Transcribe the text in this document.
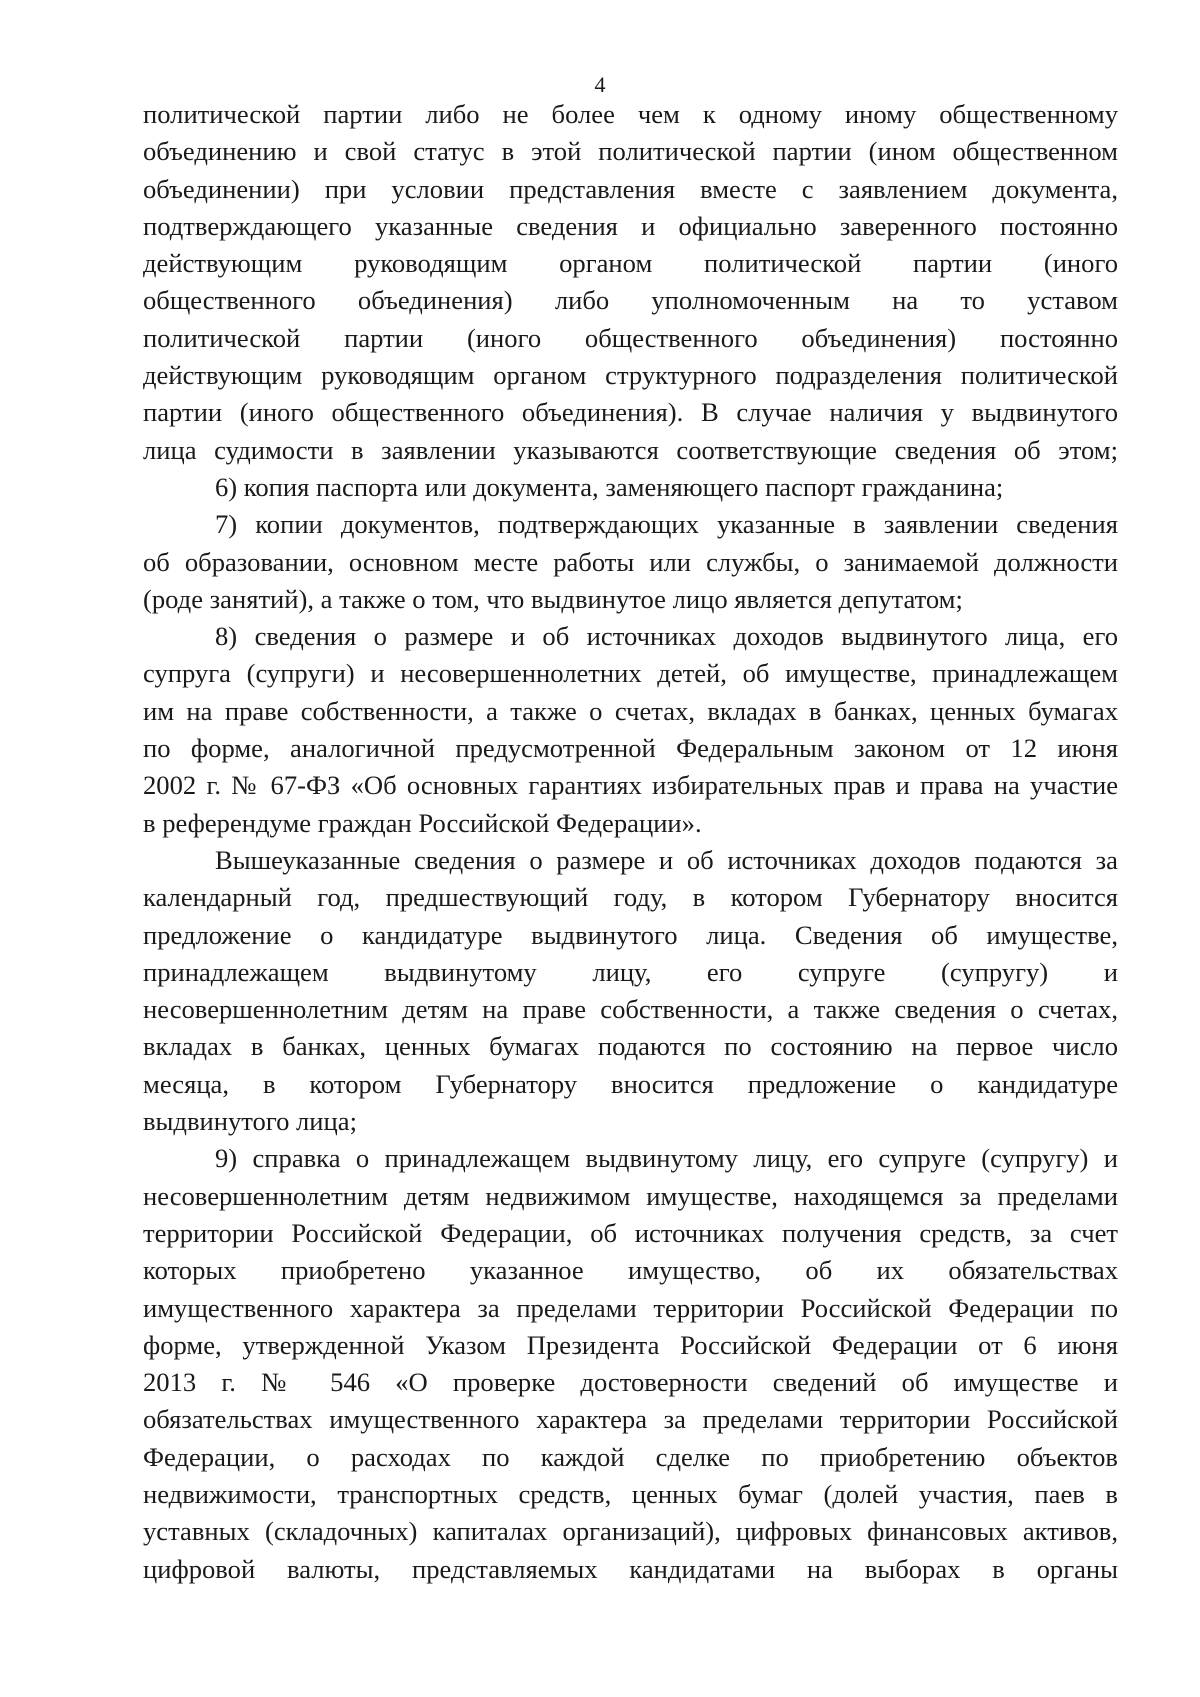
4
политической партии либо не более чем к одному иному общественному
объединению и свой статус в этой политической партии (ином общественном
объединении) при условии представления вместе с заявлением документа,
подтверждающего указанные сведения и официально заверенного постоянно
действующим руководящим органом политической партии (иного
общественного объединения) либо уполномоченным на то уставом
политической партии (иного общественного объединения) постоянно
действующим руководящим органом структурного подразделения политической
партии (иного общественного объединения). В случае наличия у выдвинутого
лица судимости в заявлении указываются соответствующие сведения об этом;
6) копия паспорта или документа, заменяющего паспорт гражданина;
7) копии документов, подтверждающих указанные в заявлении сведения
об образовании, основном месте работы или службы, о занимаемой должности
(роде занятий), а также о том, что выдвинутое лицо является депутатом;
8) сведения о размере и об источниках доходов выдвинутого лица, его
супруга (супруги) и несовершеннолетних детей, об имуществе, принадлежащем
им на праве собственности, а также о счетах, вкладах в банках, ценных бумагах
по форме, аналогичной предусмотренной Федеральным законом от 12 июня
2002 г. № 67-ФЗ «Об основных гарантиях избирательных прав и права на участие
в референдуме граждан Российской Федерации».
Вышеуказанные сведения о размере и об источниках доходов подаются за
календарный год, предшествующий году, в котором Губернатору вносится
предложение о кандидатуре выдвинутого лица. Сведения об имуществе,
принадлежащем выдвинутому лицу, его супруге (супругу) и
несовершеннолетним детям на праве собственности, а также сведения о счетах,
вкладах в банках, ценных бумагах подаются по состоянию на первое число
месяца, в котором Губернатору вносится предложение о кандидатуре
выдвинутого лица;
9) справка о принадлежащем выдвинутому лицу, его супруге (супругу) и
несовершеннолетним детям недвижимом имуществе, находящемся за пределами
территории Российской Федерации, об источниках получения средств, за счет
которых приобретено указанное имущество, об их обязательствах
имущественного характера за пределами территории Российской Федерации по
форме, утвержденной Указом Президента Российской Федерации от 6 июня
2013 г. № 546 «О проверке достоверности сведений об имуществе и
обязательствах имущественного характера за пределами территории Российской
Федерации, о расходах по каждой сделке по приобретению объектов
недвижимости, транспортных средств, ценных бумаг (долей участия, паев в
уставных (складочных) капиталах организаций), цифровых финансовых активов,
цифровой валюты, представляемых кандидатами на выборах в органы
